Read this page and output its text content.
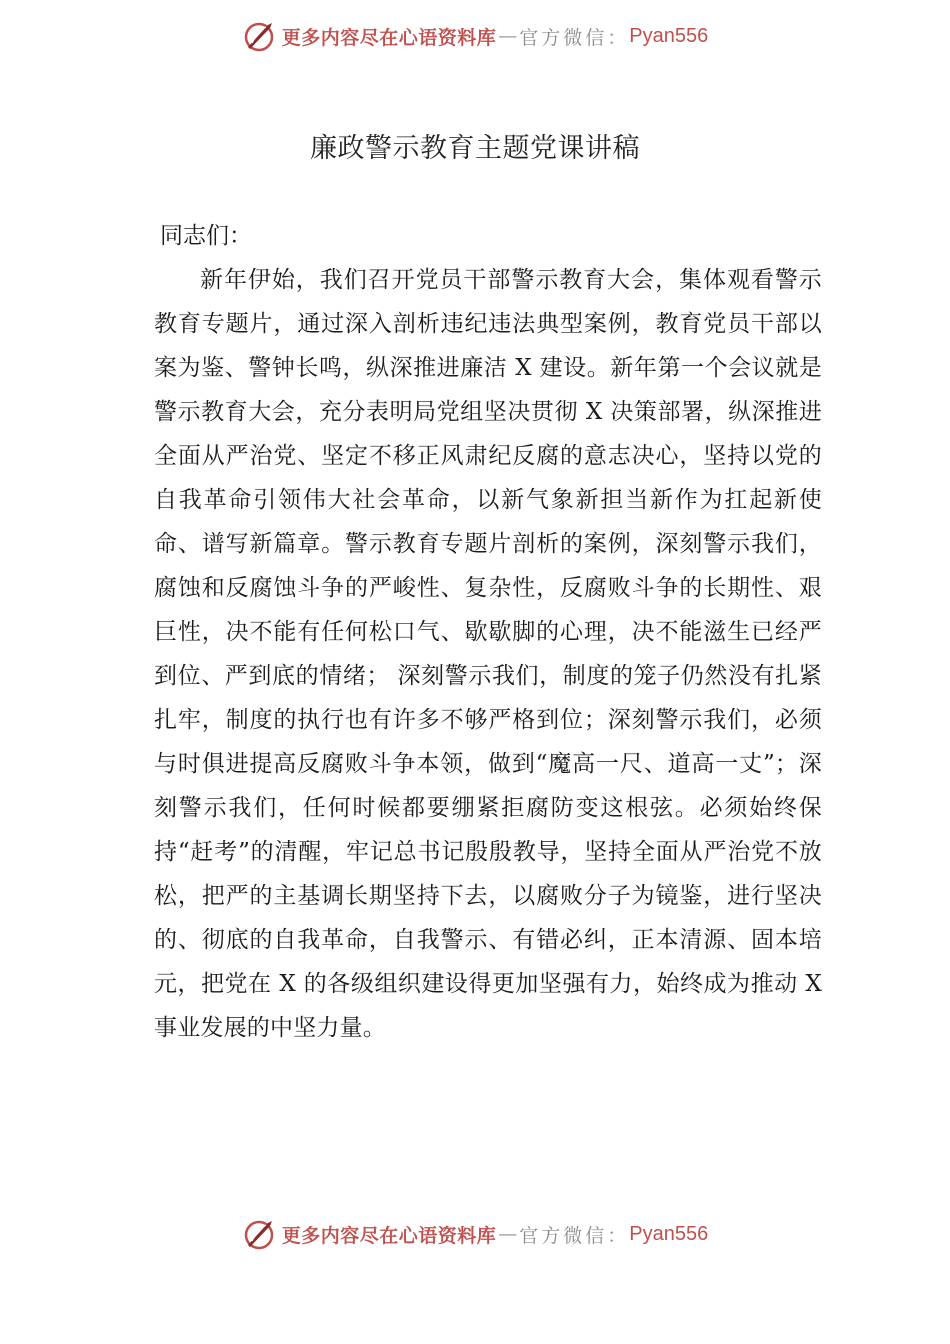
更多内容尽在心语资料库 — 官方微信： Pyan556
廉政警示教育主题党课讲稿
同志们：

新年伊始，我们召开党员干部警示教育大会，集体观看警示教育专题片，通过深入剖析违纪违法典型案例，教育党员干部以案为鉴、警钟长鸣，纵深推进廉洁 X 建设。新年第一个会议就是警示教育大会，充分表明局党组坚决贯彻 X 决策部署，纵深推进全面从严治党、坚定不移正风肃纪反腐的意志决心，坚持以党的自我革命引领伟大社会革命，以新气象新担当新作为扛起新使命、谱写新篇章。警示教育专题片剖析的案例，深刻警示我们，腐蚀和反腐蚀斗争的严峻性、复杂性，反腐败斗争的长期性、艰巨性，决不能有任何松口气、歇歇脚的心理，决不能滋生已经严到位、严到底的情绪； 深刻警示我们，制度的笼子仍然没有扎紧扎牢，制度的执行也有许多不够严格到位；深刻警示我们，必须与时俱进提高反腐败斗争本领，做到“魔高一尺、道高一丈”；深刻警示我们，任何时候都要绷紧拒腐防变这根弦。必须始终保持“赶考”的清醒，牢记总书记殷殷教导，坚持全面从严治党不放松，把严的主基调长期坚持下去，以腐败分子为镜鉴，进行坚决的、彻底的自我革命，自我警示、有错必纠，正本清源、固本培元，把党在 X 的各级组织建设得更加坚强有力，始终成为推动 X 事业发展的中坚力量。

更多内容尽在心语资料库 — 官方微信： Pyan556
